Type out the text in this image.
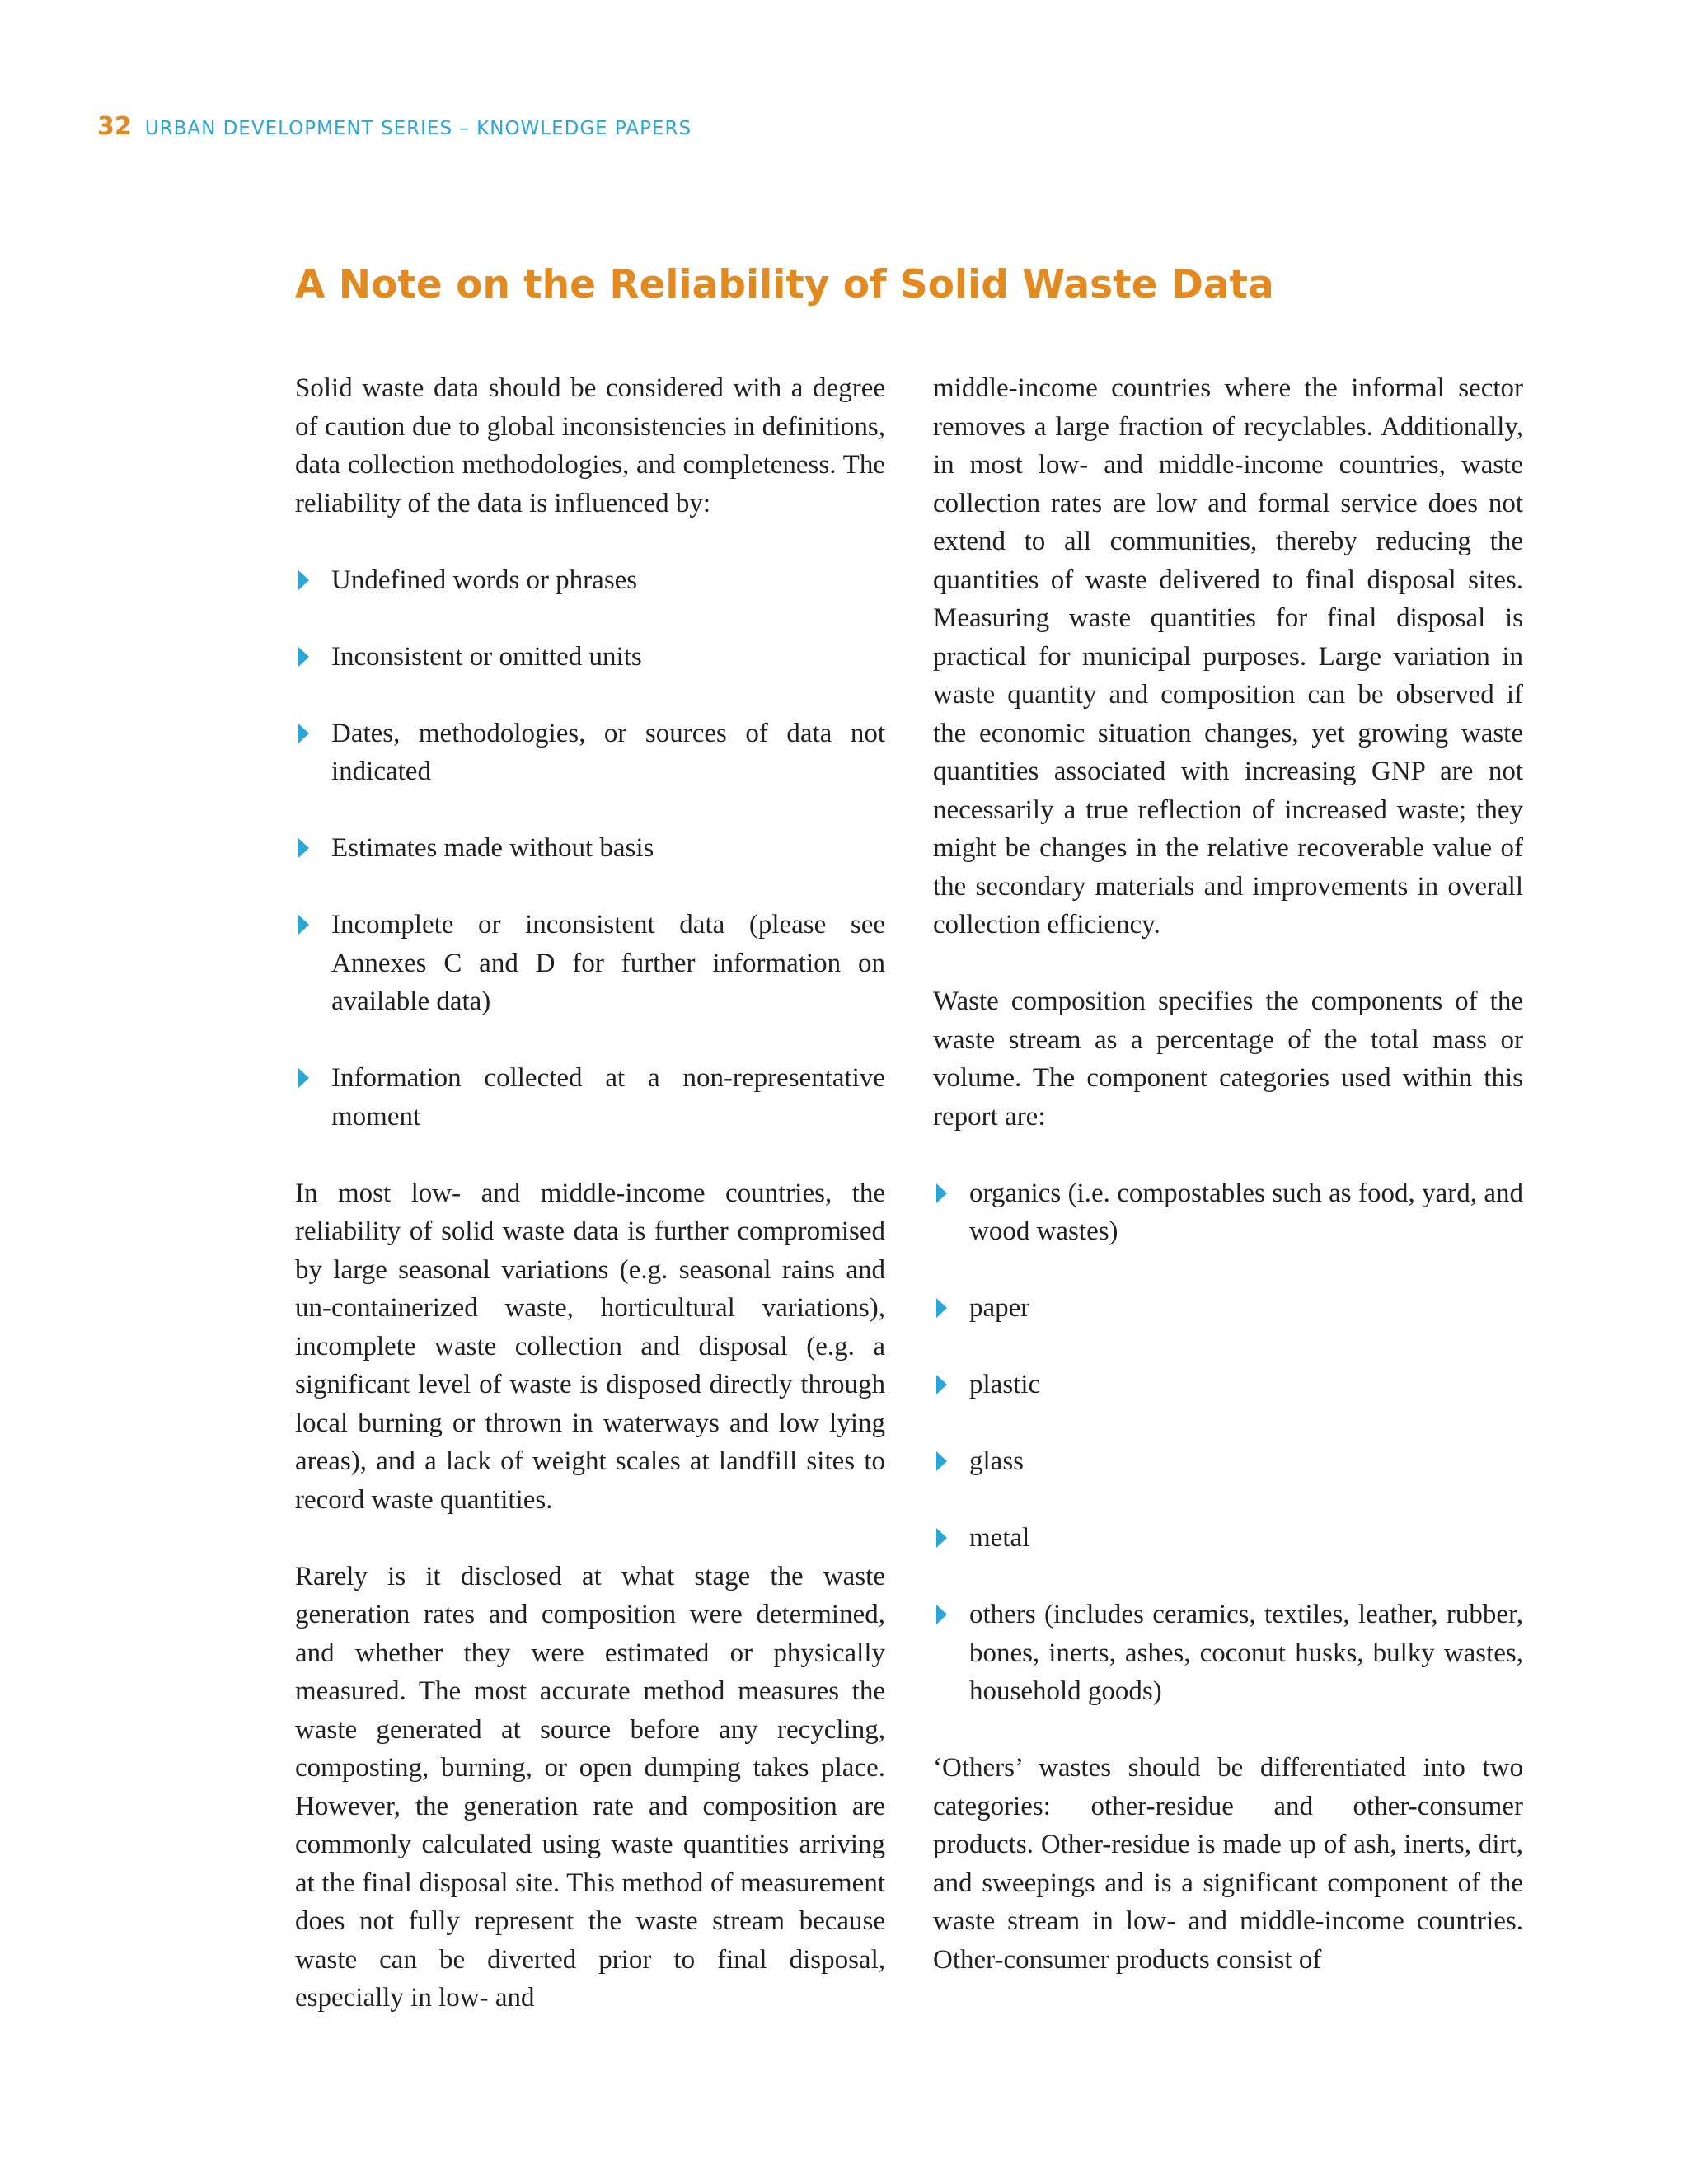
32 URBAN DEVELOPMENT SERIES – KNOWLEDGE PAPERS
A Note on the Reliability of Solid Waste Data

Solid waste data should be considered with a degree of caution due to global inconsistencies in definitions, data collection methodologies, and completeness. The reliability of the data is influenced by:

Undefined words or phrases
Inconsistent or omitted units
Dates, methodologies, or sources of data not indicated
Estimates made without basis
Incomplete or inconsistent data (please see Annexes C and D for further information on available data)
Information collected at a non-representative moment

In most low- and middle-income countries, the reliability of solid waste data is further compromised by large seasonal variations (e.g. seasonal rains and un-containerized waste, horticultural variations), incomplete waste collection and disposal (e.g. a significant level of waste is disposed directly through local burning or thrown in waterways and low lying areas), and a lack of weight scales at landfill sites to record waste quantities.

Rarely is it disclosed at what stage the waste generation rates and composition were determined, and whether they were estimated or physically measured. The most accurate method measures the waste generated at source before any recycling, composting, burning, or open dumping takes place. However, the generation rate and composition are commonly calculated using waste quantities arriving at the final disposal site. This method of measurement does not fully represent the waste stream because waste can be diverted prior to final disposal, especially in low- and

middle-income countries where the informal sector removes a large fraction of recyclables. Additionally, in most low- and middle-income countries, waste collection rates are low and formal service does not extend to all communities, thereby reducing the quantities of waste delivered to final disposal sites. Measuring waste quantities for final disposal is practical for municipal purposes. Large variation in waste quantity and composition can be observed if the economic situation changes, yet growing waste quantities associated with increasing GNP are not necessarily a true reflection of increased waste; they might be changes in the relative recoverable value of the secondary materials and improvements in overall collection efficiency.

Waste composition specifies the components of the waste stream as a percentage of the total mass or volume. The component categories used within this report are:

organics (i.e. compostables such as food, yard, and wood wastes)
paper
plastic
glass
metal
others (includes ceramics, textiles, leather, rubber, bones, inerts, ashes, coconut husks, bulky wastes, household goods)

‘Others’ wastes should be differentiated into two categories: other-residue and other-consumer products. Other-residue is made up of ash, inerts, dirt, and sweepings and is a significant component of the waste stream in low- and middle-income countries. Other-consumer products consist of
